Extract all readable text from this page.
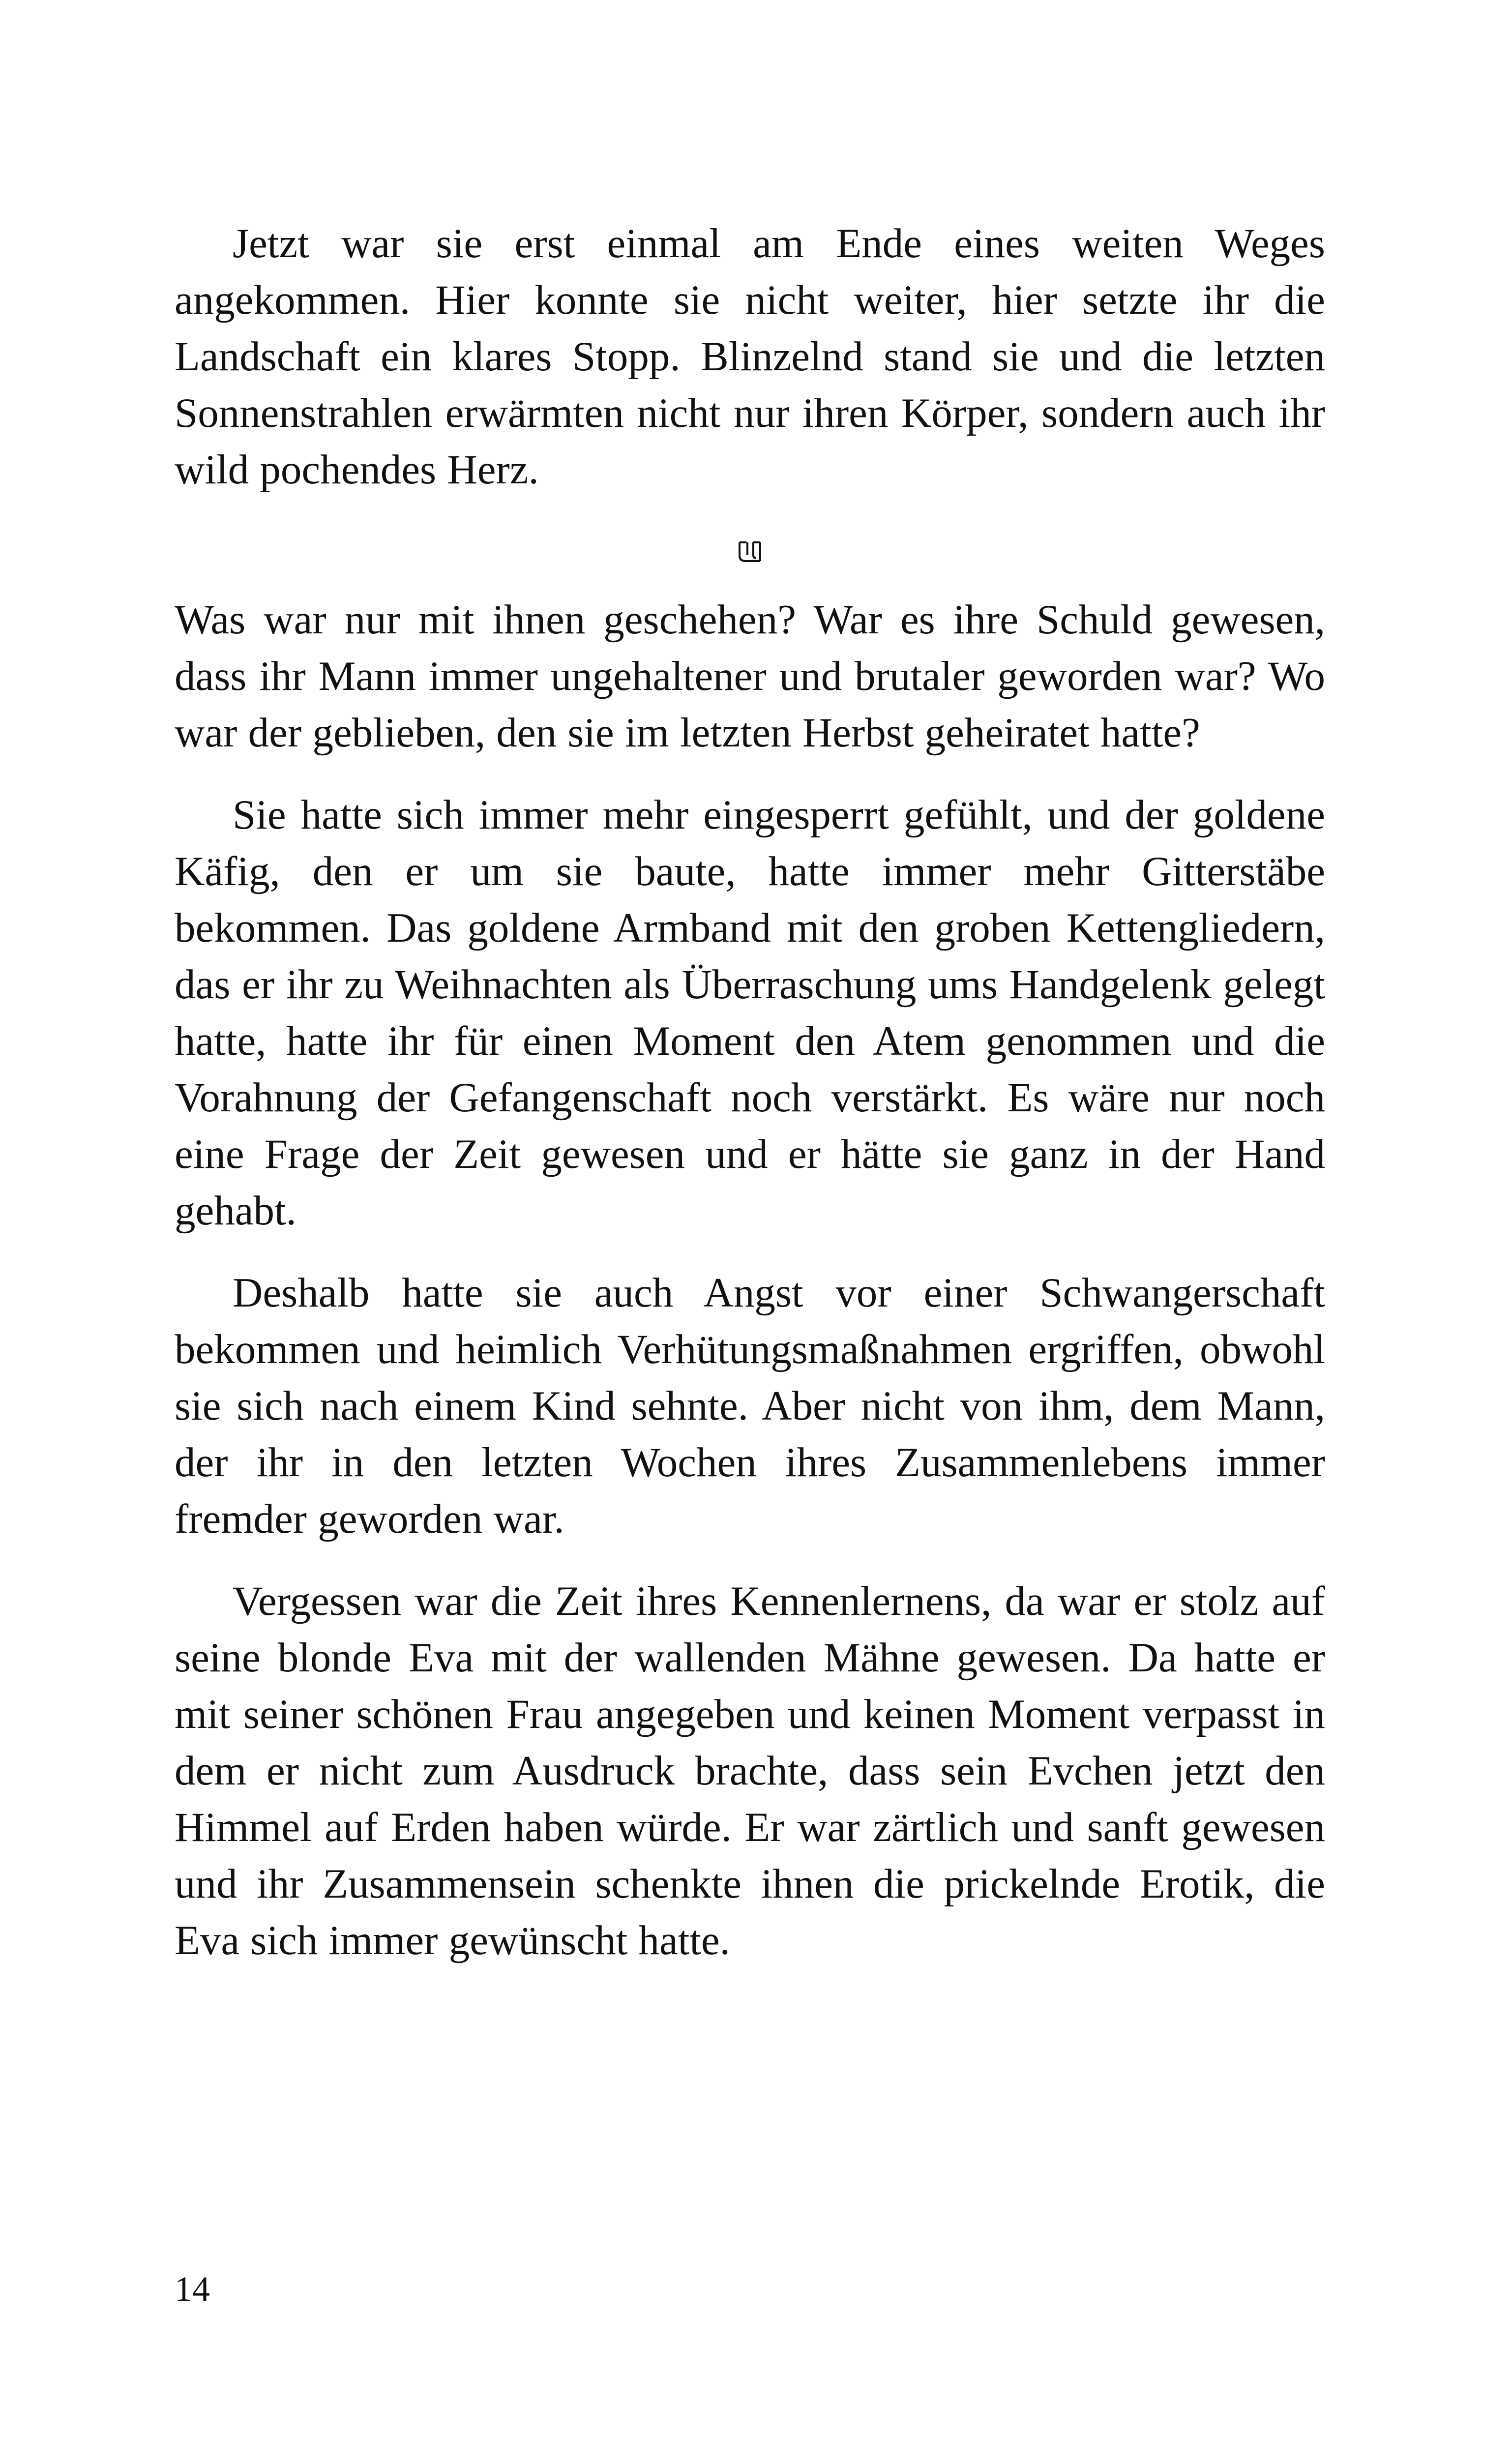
Jetzt war sie erst einmal am Ende eines weiten Weges angekommen. Hier konnte sie nicht weiter, hier setzte ihr die Landschaft ein klares Stopp. Blinzelnd stand sie und die letzten Sonnenstrahlen erwärmten nicht nur ihren Körper, sondern auch ihr wild pochendes Herz.

Was war nur mit ihnen geschehen? War es ihre Schuld gewesen, dass ihr Mann immer ungehaltener und brutaler geworden war? Wo war der geblieben, den sie im letzten Herbst geheiratet hatte?

Sie hatte sich immer mehr eingesperrt gefühlt, und der goldene Käfig, den er um sie baute, hatte immer mehr Gitterstäbe bekommen. Das goldene Armband mit den groben Kettengliedern, das er ihr zu Weihnachten als Überraschung ums Handgelenk gelegt hatte, hatte ihr für einen Moment den Atem genommen und die Vorahnung der Gefangenschaft noch verstärkt. Es wäre nur noch eine Frage der Zeit gewesen und er hätte sie ganz in der Hand gehabt.

Deshalb hatte sie auch Angst vor einer Schwangerschaft bekommen und heimlich Verhütungsmaßnahmen ergriffen, obwohl sie sich nach einem Kind sehnte. Aber nicht von ihm, dem Mann, der ihr in den letzten Wochen ihres Zusammenlebens immer fremder geworden war.

Vergessen war die Zeit ihres Kennenlernens, da war er stolz auf seine blonde Eva mit der wallenden Mähne gewesen. Da hatte er mit seiner schönen Frau angegeben und keinen Moment verpasst in dem er nicht zum Ausdruck brachte, dass sein Evchen jetzt den Himmel auf Erden haben würde. Er war zärtlich und sanft gewesen und ihr Zusammensein schenkte ihnen die prickelnde Erotik, die Eva sich immer gewünscht hatte.

14
